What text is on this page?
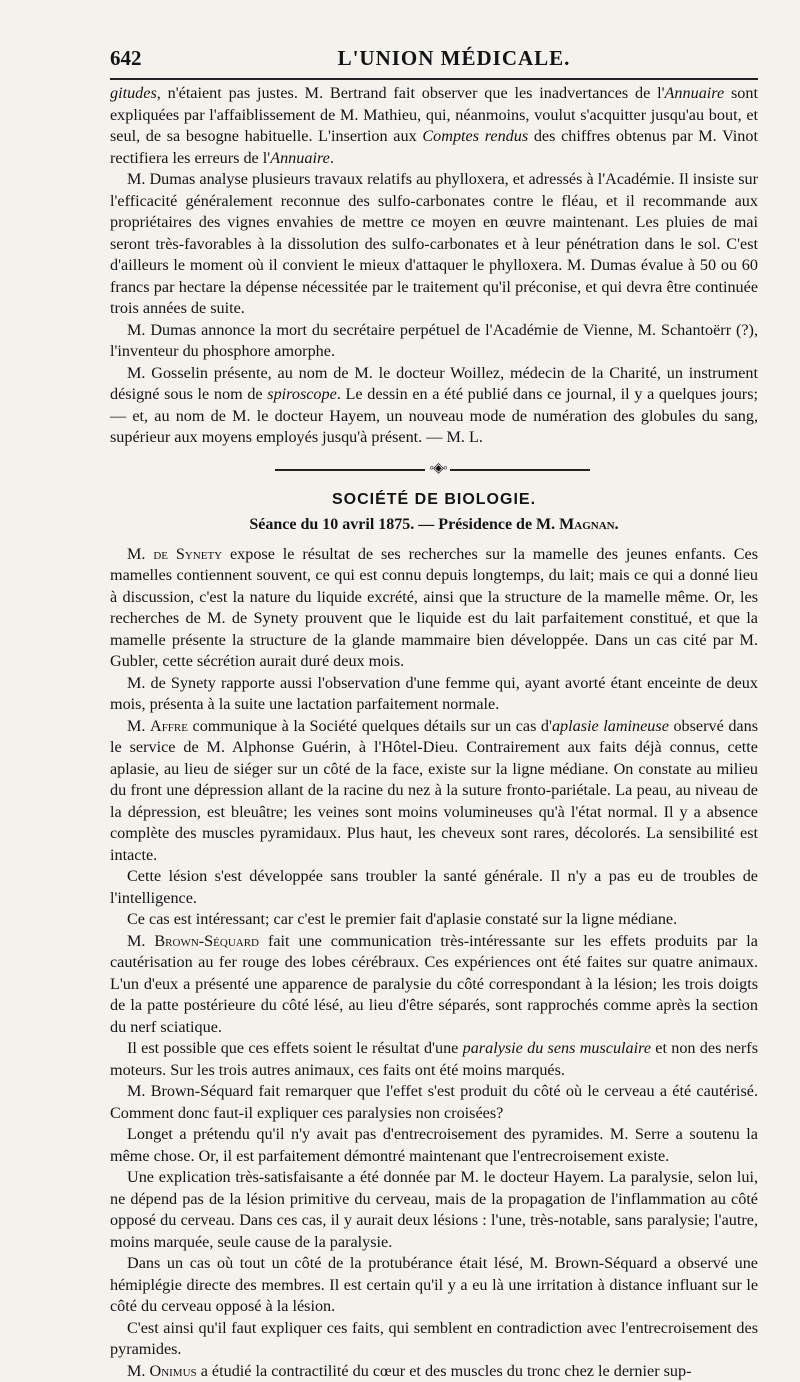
642	L'UNION MÉDICALE.

gitudes, n'étaient pas justes. M. Bertrand fait observer que les inadvertances de l'Annuaire sont expliquées par l'affaiblissement de M. Mathieu, qui, néanmoins, voulut s'acquitter jusqu'au bout, et seul, de sa besogne habituelle. L'insertion aux Comptes rendus des chiffres obtenus par M. Vinot rectifiera les erreurs de l'Annuaire.

M. Dumas analyse plusieurs travaux relatifs au phylloxera, et adressés à l'Académie. Il insiste sur l'efficacité généralement reconnue des sulfo-carbonates contre le fléau, et il recommande aux propriétaires des vignes envahies de mettre ce moyen en œuvre maintenant. Les pluies de mai seront très-favorables à la dissolution des sulfo-carbonates et à leur pénétration dans le sol. C'est d'ailleurs le moment où il convient le mieux d'attaquer le phylloxera. M. Dumas évalue à 50 ou 60 francs par hectare la dépense nécessitée par le traitement qu'il préconise, et qui devra être continuée trois années de suite.

M. Dumas annonce la mort du secrétaire perpétuel de l'Académie de Vienne, M. Schantoërr (?), l'inventeur du phosphore amorphe.

M. Gosselin présente, au nom de M. le docteur Woillez, médecin de la Charité, un instrument désigné sous le nom de spiroscope. Le dessin en a été publié dans ce journal, il y a quelques jours; — et, au nom de M. le docteur Hayem, un nouveau mode de numération des globules du sang, supérieur aux moyens employés jusqu'à présent. — M. L.

◦◈◦
SOCIÉTÉ DE BIOLOGIE.
Séance du 10 avril 1875. — Présidence de M. Magnan.

M. de Synety expose le résultat de ses recherches sur la mamelle des jeunes enfants. Ces mamelles contiennent souvent, ce qui est connu depuis longtemps, du lait; mais ce qui a donné lieu à discussion, c'est la nature du liquide excrété, ainsi que la structure de la mamelle même. Or, les recherches de M. de Synety prouvent que le liquide est du lait parfaitement constitué, et que la mamelle présente la structure de la glande mammaire bien développée. Dans un cas cité par M. Gubler, cette sécrétion aurait duré deux mois.

M. de Synety rapporte aussi l'observation d'une femme qui, ayant avorté étant enceinte de deux mois, présenta à la suite une lactation parfaitement normale.

M. Affre communique à la Société quelques détails sur un cas d'aplasie lamineuse observé dans le service de M. Alphonse Guérin, à l'Hôtel-Dieu. Contrairement aux faits déjà connus, cette aplasie, au lieu de siéger sur un côté de la face, existe sur la ligne médiane. On constate au milieu du front une dépression allant de la racine du nez à la suture fronto-pariétale. La peau, au niveau de la dépression, est bleuâtre; les veines sont moins volumineuses qu'à l'état normal. Il y a absence complète des muscles pyramidaux. Plus haut, les cheveux sont rares, décolorés. La sensibilité est intacte.

Cette lésion s'est développée sans troubler la santé générale. Il n'y a pas eu de troubles de l'intelligence.

Ce cas est intéressant; car c'est le premier fait d'aplasie constaté sur la ligne médiane.

M. Brown-Séquard fait une communication très-intéressante sur les effets produits par la cautérisation au fer rouge des lobes cérébraux. Ces expériences ont été faites sur quatre animaux. L'un d'eux a présenté une apparence de paralysie du côté correspondant à la lésion; les trois doigts de la patte postérieure du côté lésé, au lieu d'être séparés, sont rapprochés comme après la section du nerf sciatique.

Il est possible que ces effets soient le résultat d'une paralysie du sens musculaire et non des nerfs moteurs. Sur les trois autres animaux, ces faits ont été moins marqués.

M. Brown-Séquard fait remarquer que l'effet s'est produit du côté où le cerveau a été cautérisé. Comment donc faut-il expliquer ces paralysies non croisées?

Longet a prétendu qu'il n'y avait pas d'entrecroisement des pyramides. M. Serre a soutenu la même chose. Or, il est parfaitement démontré maintenant que l'entrecroisement existe.

Une explication très-satisfaisante a été donnée par M. le docteur Hayem. La paralysie, selon lui, ne dépend pas de la lésion primitive du cerveau, mais de la propagation de l'inflammation au côté opposé du cerveau. Dans ces cas, il y aurait deux lésions : l'une, très-notable, sans paralysie; l'autre, moins marquée, seule cause de la paralysie.

Dans un cas où tout un côté de la protubérance était lésé, M. Brown-Séquard a observé une hémiplégie directe des membres. Il est certain qu'il y a eu là une irritation à distance influant sur le côté du cerveau opposé à la lésion.

C'est ainsi qu'il faut expliquer ces faits, qui semblent en contradiction avec l'entrecroisement des pyramides.

M. Onimus a étudié la contractilité du cœur et des muscles du tronc chez le dernier sup-
